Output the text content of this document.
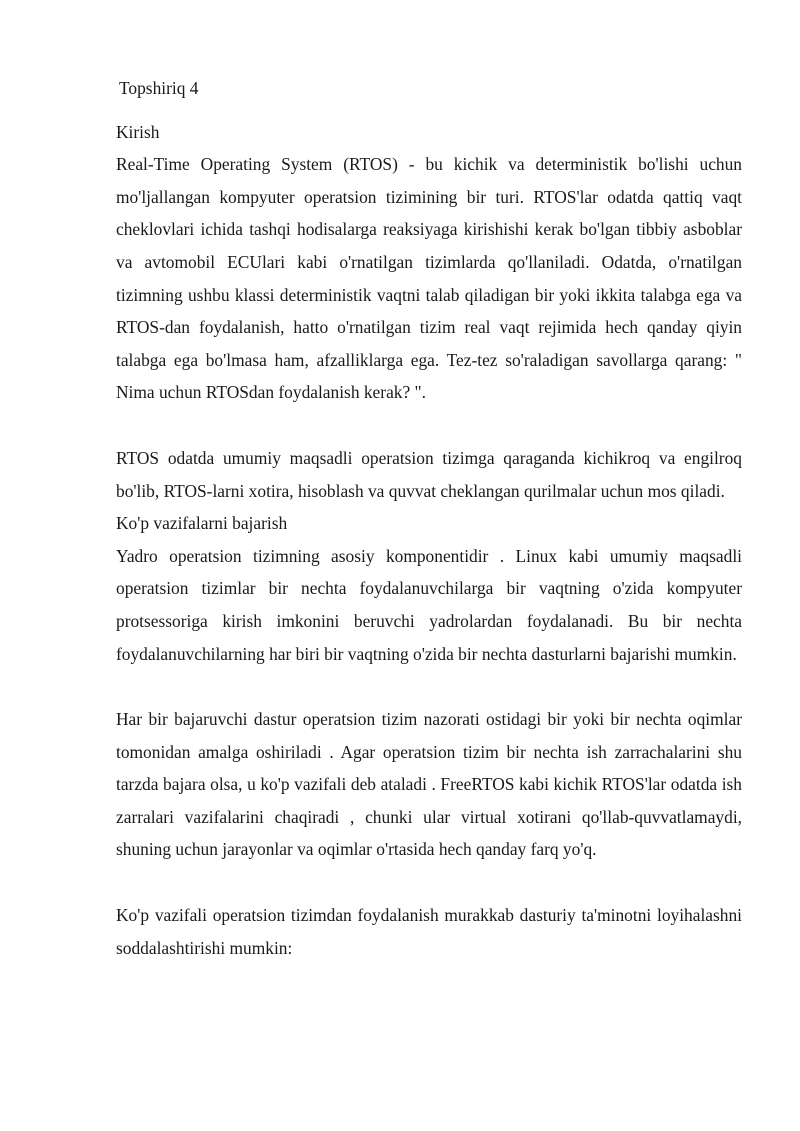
Topshiriq 4

Kirish

Real-Time Operating System (RTOS) - bu kichik va deterministik bo'lishi uchun mo'ljallangan kompyuter operatsion tizimining bir turi. RTOS'lar odatda qattiq vaqt cheklovlari ichida tashqi hodisalarga reaksiyaga kirishishi kerak bo'lgan tibbiy asboblar va avtomobil ECUlari kabi o'rnatilgan tizimlarda qo'llaniladi. Odatda, o'rnatilgan tizimning ushbu klassi deterministik vaqtni talab qiladigan bir yoki ikkita talabga ega va RTOS-dan foydalanish, hatto o'rnatilgan tizim real vaqt rejimida hech qanday qiyin talabga ega bo'lmasa ham, afzalliklarga ega. Tez-tez so'raladigan savollarga qarang: " Nima uchun RTOSdan foydalanish kerak? ".

RTOS odatda umumiy maqsadli operatsion tizimga qaraganda kichikroq va engilroq bo'lib, RTOS-larni xotira, hisoblash va quvvat cheklangan qurilmalar uchun mos qiladi.

Ko'p vazifalarni bajarish

Yadro operatsion tizimning asosiy komponentidir . Linux kabi umumiy maqsadli operatsion tizimlar bir nechta foydalanuvchilarga bir vaqtning o'zida kompyuter protsessoriga kirish imkonini beruvchi yadrolardan foydalanadi. Bu bir nechta foydalanuvchilarning har biri bir vaqtning o'zida bir nechta dasturlarni bajarishi mumkin.

Har bir bajaruvchi dastur operatsion tizim nazorati ostidagi bir yoki bir nechta oqimlar tomonidan amalga oshiriladi . Agar operatsion tizim bir nechta ish zarrachalarini shu tarzda bajara olsa, u ko'p vazifali deb ataladi . FreeRTOS kabi kichik RTOS'lar odatda ish zarralari vazifalarini chaqiradi , chunki ular virtual xotirani qo'llab-quvvatlamaydi, shuning uchun jarayonlar va oqimlar o'rtasida hech qanday farq yo'q.

Ko'p vazifali operatsion tizimdan foydalanish murakkab dasturiy ta'minotni loyihalashni soddalashtirishi mumkin:
